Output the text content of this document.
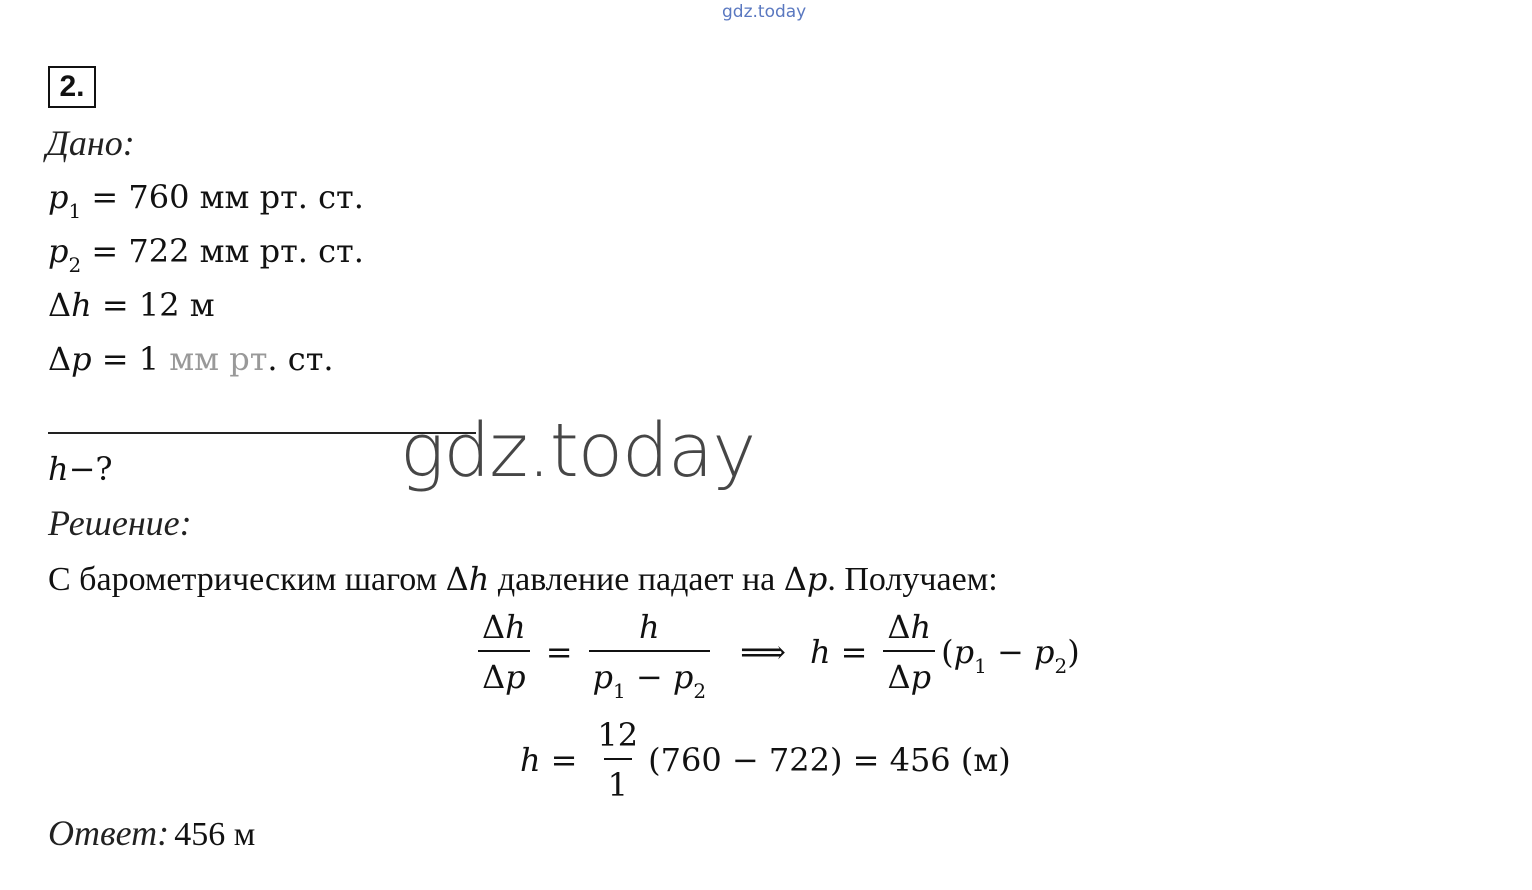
gdz.today
2.
Дано:
$p_1 = 760$ мм рт. ст.
$p_2 = 722$ мм рт. ст.
Δh = 12 м
Δp = 1 мм рт. ст.
h−?	gdz.today
Решение:
С барометрическим шагом Δh давление падает на Δp. Получаем:
$\frac{\Delta h}{\Delta p} = \frac{h}{p_1 - p_2}$ ⟹ $h = \frac{\Delta h}{\Delta p} (p_1 - p_2)$
$h = \frac{12}{1} (760 - 722) = 456$ (м)
Ответ: 456 м
